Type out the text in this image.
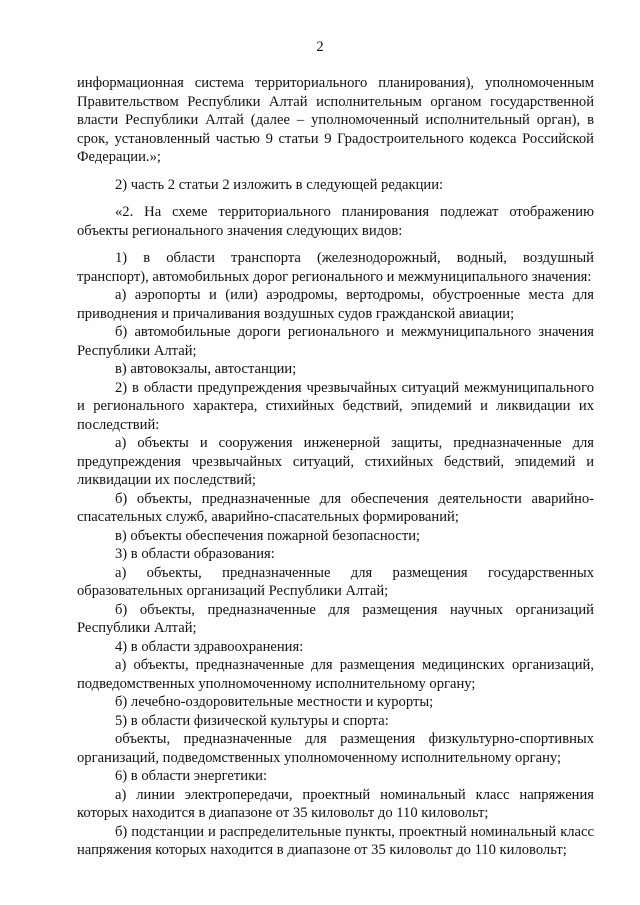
2

информационная система территориального планирования), уполномоченным Правительством Республики Алтай исполнительным органом государственной власти Республики Алтай (далее – уполномоченный исполнительный орган), в срок, установленный частью 9 статьи 9 Градостроительного кодекса Российской Федерации.»;

2) часть 2 статьи 2 изложить в следующей редакции:

«2. На схеме территориального планирования подлежат отображению объекты регионального значения следующих видов:

1) в области транспорта (железнодорожный, водный, воздушный транспорт), автомобильных дорог регионального и межмуниципального значения:

а) аэропорты и (или) аэродромы, вертодромы, обустроенные места для приводнения и причаливания воздушных судов гражданской авиации;

б) автомобильные дороги регионального и межмуниципального значения Республики Алтай;

в) автовокзалы, автостанции;

2) в области предупреждения чрезвычайных ситуаций межмуниципального и регионального характера, стихийных бедствий, эпидемий и ликвидации их последствий:

а) объекты и сооружения инженерной защиты, предназначенные для предупреждения чрезвычайных ситуаций, стихийных бедствий, эпидемий и ликвидации их последствий;

б) объекты, предназначенные для обеспечения деятельности аварийно-спасательных служб, аварийно-спасательных формирований;

в) объекты обеспечения пожарной безопасности;

3) в области образования:

а) объекты, предназначенные для размещения государственных образовательных организаций Республики Алтай;

б) объекты, предназначенные для размещения научных организаций Республики Алтай;

4) в области здравоохранения:

а) объекты, предназначенные для размещения медицинских организаций, подведомственных уполномоченному исполнительному органу;

б) лечебно-оздоровительные местности и курорты;

5) в области физической культуры и спорта:

объекты, предназначенные для размещения физкультурно-спортивных организаций, подведомственных уполномоченному исполнительному органу;

6) в области энергетики:

а) линии электропередачи, проектный номинальный класс напряжения которых находится в диапазоне от 35 киловольт до 110 киловольт;

б) подстанции и распределительные пункты, проектный номинальный класс напряжения которых находится в диапазоне от 35 киловольт до 110 киловольт;
